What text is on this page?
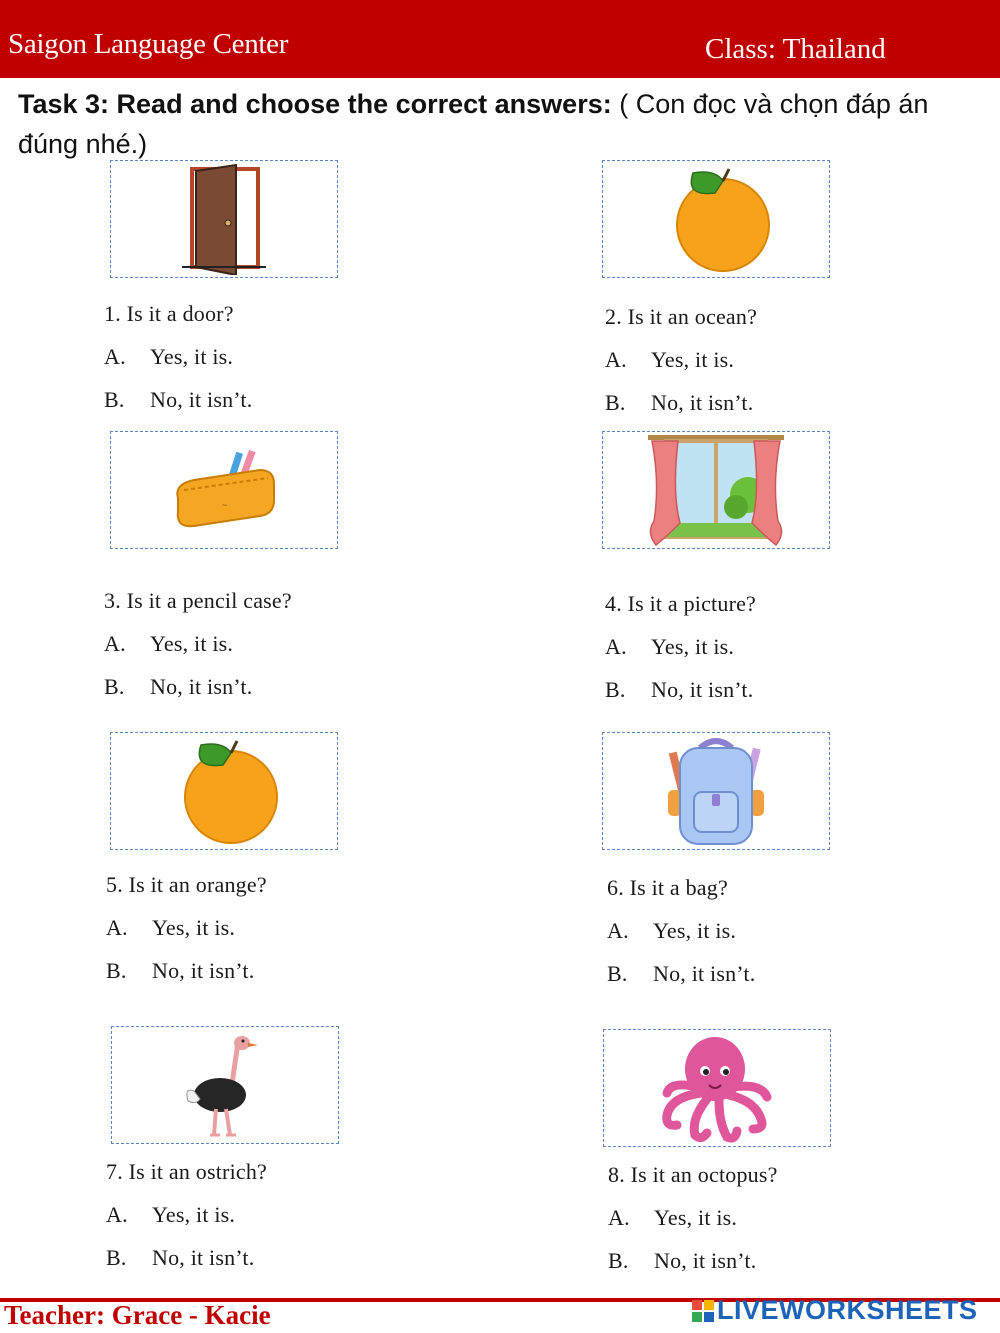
Saigon Language Center	Class: Thailand
Task 3: Read and choose the correct answers: ( Con đọc và chọn đáp án đúng nhé.)
1. Is it a door?
A. Yes, it is.
B. No, it isn’t.
2. Is it an ocean?
A. Yes, it is.
B. No, it isn’t.
~
3. Is it a pencil case?
A. Yes, it is.
B. No, it isn’t.
4. Is it a picture?
A. Yes, it is.
B. No, it isn’t.
5. Is it an orange?
A. Yes, it is.
B. No, it isn’t.
6. Is it a bag?
A. Yes, it is.
B. No, it isn’t.
7. Is it an ostrich?
A. Yes, it is.
B. No, it isn’t.
8. Is it an octopus?
A. Yes, it is.
B. No, it isn’t.
Teacher: Grace - Kacie	LIVEWORKSHEETS
